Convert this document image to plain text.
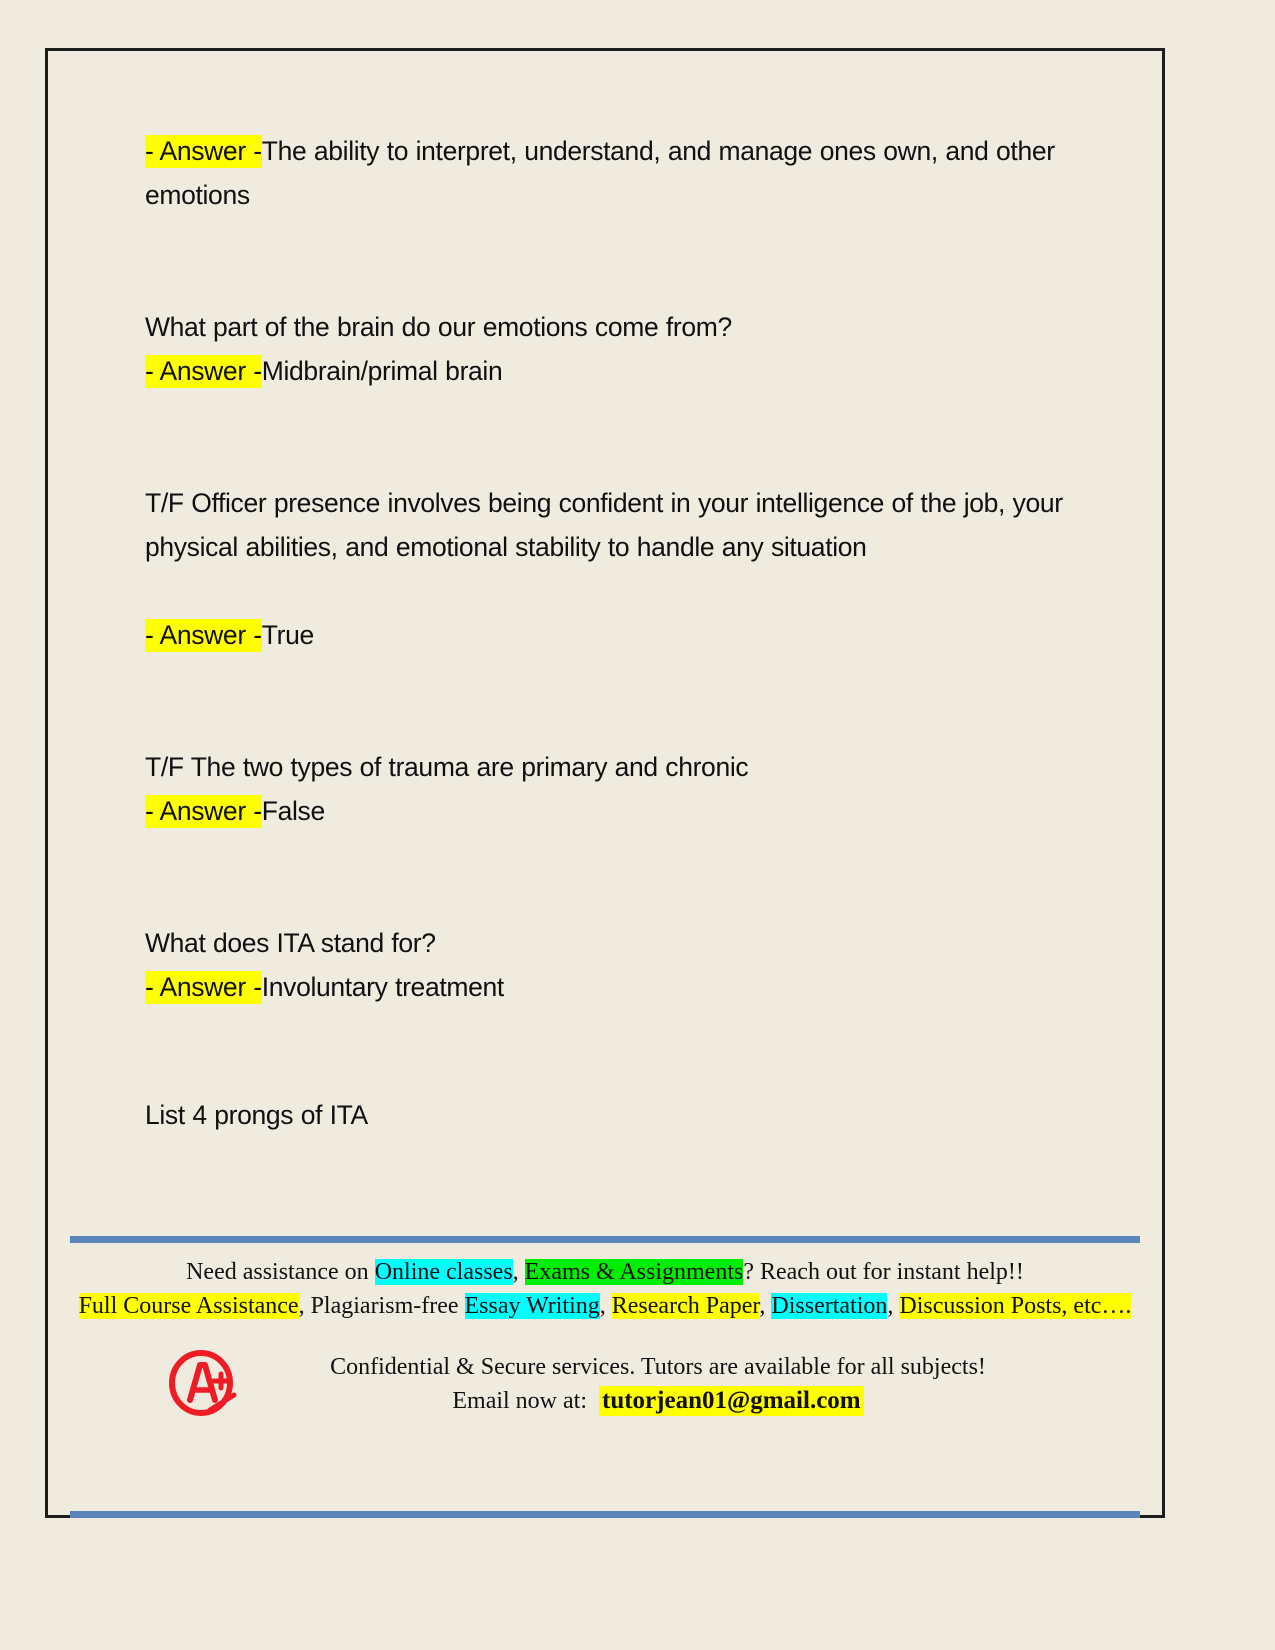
- Answer -The ability to interpret, understand, and manage ones own, and other emotions
What part of the brain do our emotions come from?
- Answer -Midbrain/primal brain
T/F Officer presence involves being confident in your intelligence of the job, your physical abilities, and emotional stability to handle any situation
- Answer -True
T/F The two types of trauma are primary and chronic
- Answer -False
What does ITA stand for?
- Answer -Involuntary treatment
List 4 prongs of ITA
Need assistance on Online classes, Exams & Assignments? Reach out for instant help!!
Full Course Assistance, Plagiarism-free Essay Writing, Research Paper, Dissertation, Discussion Posts, etc….
Confidential & Secure services. Tutors are available for all subjects!
Email now at: tutorjean01@gmail.com
